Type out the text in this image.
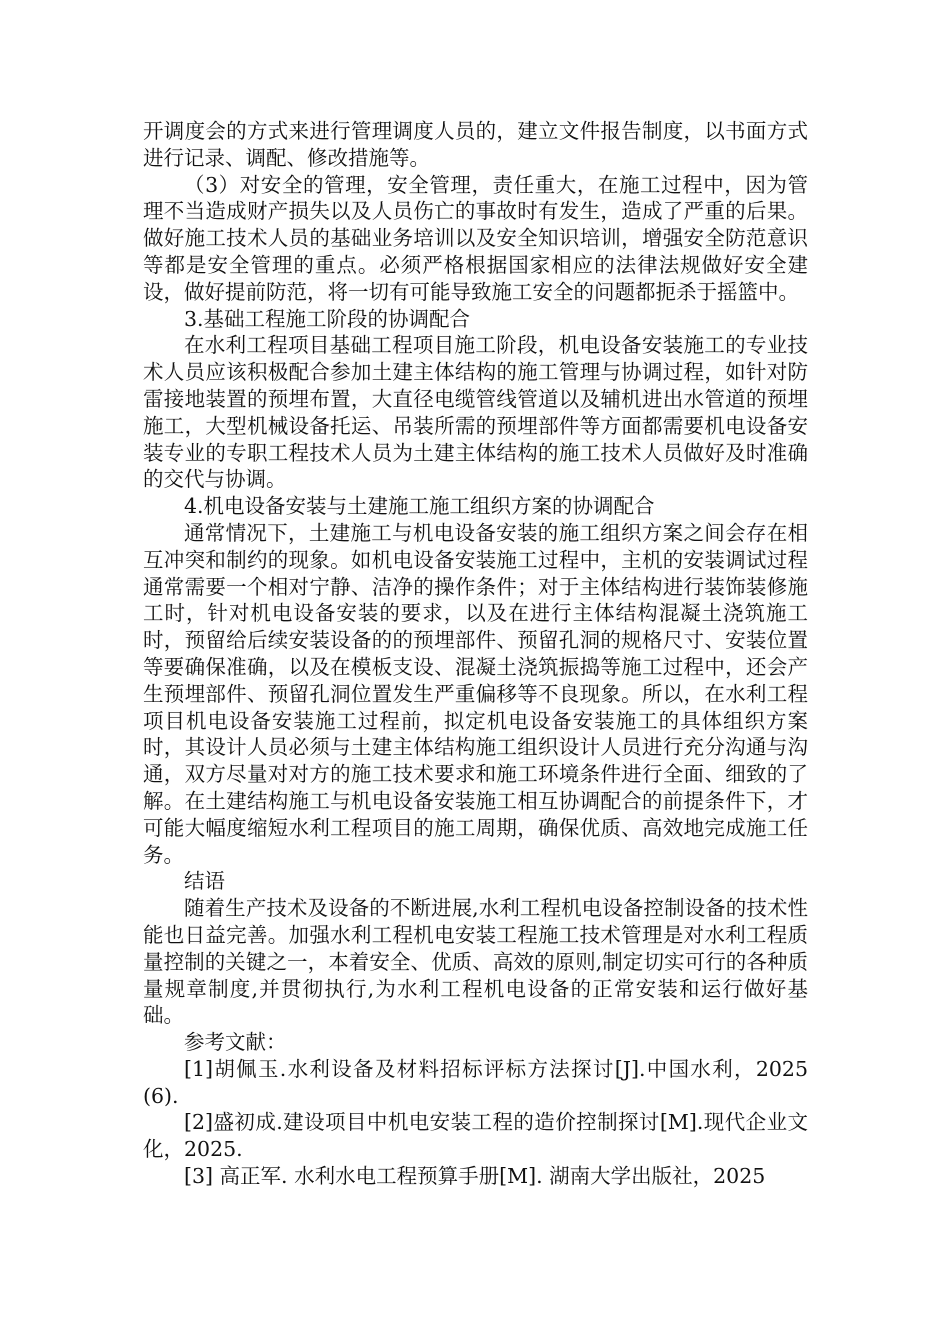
开调度会的方式来进行管理调度人员的，建立文件报告制度，以书面方式进行记录、调配、修改措施等。

（3）对安全的管理，安全管理，责任重大，在施工过程中，因为管理不当造成财产损失以及人员伤亡的事故时有发生，造成了严重的后果。做好施工技术人员的基础业务培训以及安全知识培训，增强安全防范意识等都是安全管理的重点。必须严格根据国家相应的法律法规做好安全建设，做好提前防范，将一切有可能导致施工安全的问题都扼杀于摇篮中。

3.基础工程施工阶段的协调配合

在水利工程项目基础工程项目施工阶段，机电设备安装施工的专业技术人员应该积极配合参加土建主体结构的施工管理与协调过程，如针对防雷接地装置的预埋布置，大直径电缆管线管道以及辅机进出水管道的预埋施工，大型机械设备托运、吊装所需的预埋部件等方面都需要机电设备安装专业的专职工程技术人员为土建主体结构的施工技术人员做好及时准确的交代与协调。

4.机电设备安装与土建施工施工组织方案的协调配合

通常情况下，土建施工与机电设备安装的施工组织方案之间会存在相互冲突和制约的现象。如机电设备安装施工过程中，主机的安装调试过程通常需要一个相对宁静、洁净的操作条件；对于主体结构进行装饰装修施工时，针对机电设备安装的要求，以及在进行主体结构混凝土浇筑施工时，预留给后续安装设备的的预埋部件、预留孔洞的规格尺寸、安装位置等要确保准确，以及在模板支设、混凝土浇筑振捣等施工过程中，还会产生预埋部件、预留孔洞位置发生严重偏移等不良现象。所以，在水利工程项目机电设备安装施工过程前，拟定机电设备安装施工的具体组织方案时，其设计人员必须与土建主体结构施工组织设计人员进行充分沟通与沟通，双方尽量对对方的施工技术要求和施工环境条件进行全面、细致的了解。在土建结构施工与机电设备安装施工相互协调配合的前提条件下，才可能大幅度缩短水利工程项目的施工周期，确保优质、高效地完成施工任务。

结语

随着生产技术及设备的不断进展,水利工程机电设备控制设备的技术性能也日益完善。加强水利工程机电安装工程施工技术管理是对水利工程质量控制的关键之一，本着安全、优质、高效的原则,制定切实可行的各种质量规章制度,并贯彻执行,为水利工程机电设备的正常安装和运行做好基础。

参考文献：

[1]胡佩玉.水利设备及材料招标评标方法探讨[J].中国水利，2025(6).

[2]盛初成.建设项目中机电安装工程的造价控制探讨[M].现代企业文化，2025.

[3] 高正军. 水利水电工程预算手册[M]. 湖南大学出版社，2025
